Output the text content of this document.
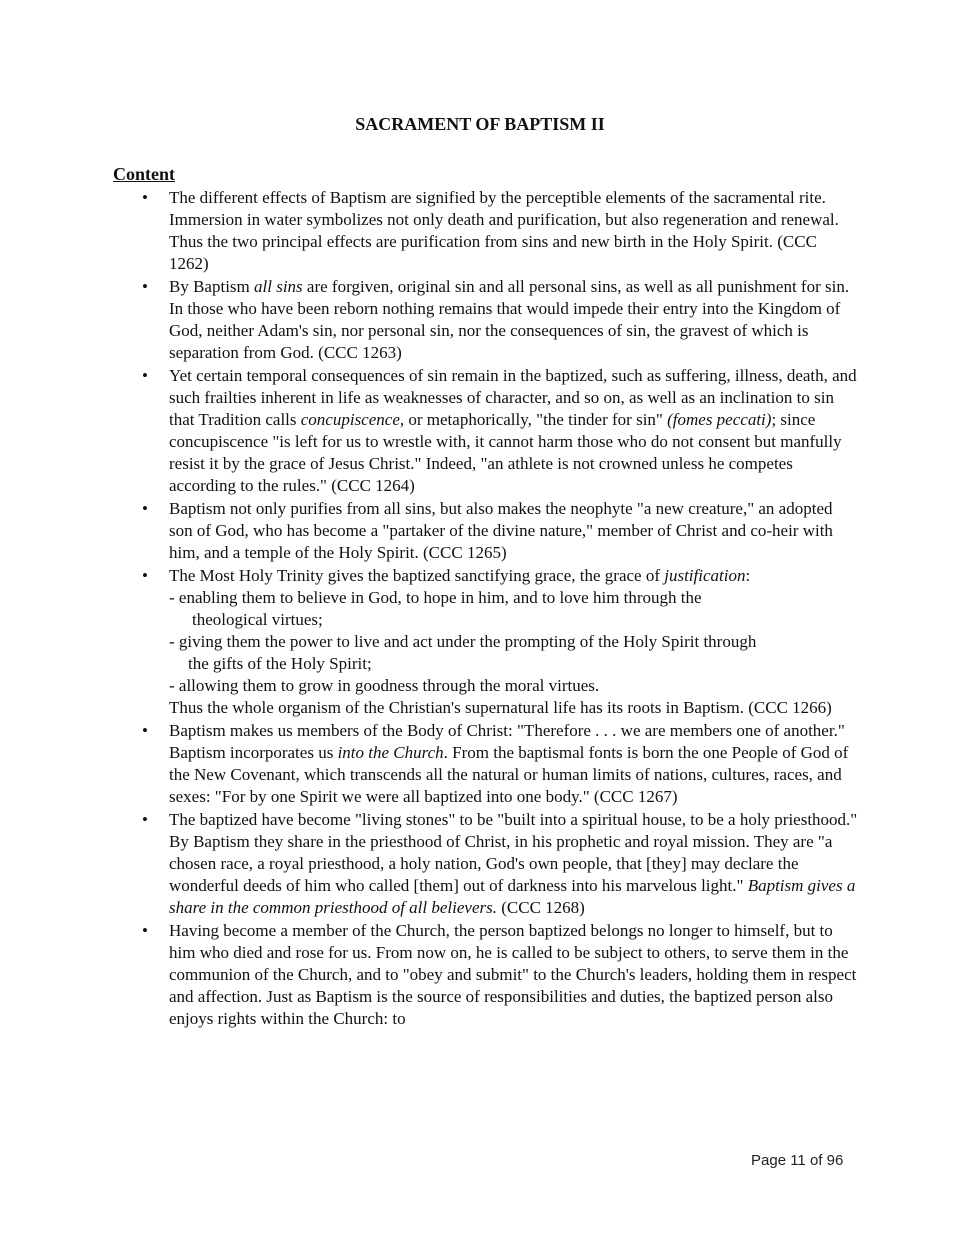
SACRAMENT OF BAPTISM II
Content
• The different effects of Baptism are signified by the perceptible elements of the sacramental rite. Immersion in water symbolizes not only death and purification, but also regeneration and renewal. Thus the two principal effects are purification from sins and new birth in the Holy Spirit. (CCC 1262)
• By Baptism all sins are forgiven, original sin and all personal sins, as well as all punishment for sin. In those who have been reborn nothing remains that would impede their entry into the Kingdom of God, neither Adam's sin, nor personal sin, nor the consequences of sin, the gravest of which is separation from God. (CCC 1263)
• Yet certain temporal consequences of sin remain in the baptized, such as suffering, illness, death, and such frailties inherent in life as weaknesses of character, and so on, as well as an inclination to sin that Tradition calls concupiscence, or metaphorically, "the tinder for sin" (fomes peccati); since concupiscence "is left for us to wrestle with, it cannot harm those who do not consent but manfully resist it by the grace of Jesus Christ." Indeed, "an athlete is not crowned unless he competes according to the rules." (CCC 1264)
• Baptism not only purifies from all sins, but also makes the neophyte "a new creature," an adopted son of God, who has become a "partaker of the divine nature," member of Christ and co-heir with him, and a temple of the Holy Spirit. (CCC 1265)
• The Most Holy Trinity gives the baptized sanctifying grace, the grace of justification:
- enabling them to believe in God, to hope in him, and to love him through the
theological virtues;
- giving them the power to live and act under the prompting of the Holy Spirit through
the gifts of the Holy Spirit;
- allowing them to grow in goodness through the moral virtues.
Thus the whole organism of the Christian's supernatural life has its roots in Baptism. (CCC 1266)
• Baptism makes us members of the Body of Christ: "Therefore . . . we are members one of another." Baptism incorporates us into the Church. From the baptismal fonts is born the one People of God of the New Covenant, which transcends all the natural or human limits of nations, cultures, races, and sexes: "For by one Spirit we were all baptized into one body." (CCC 1267)
• The baptized have become "living stones" to be "built into a spiritual house, to be a holy priesthood." By Baptism they share in the priesthood of Christ, in his prophetic and royal mission. They are "a chosen race, a royal priesthood, a holy nation, God's own people, that [they] may declare the wonderful deeds of him who called [them] out of darkness into his marvelous light." Baptism gives a share in the common priesthood of all believers. (CCC 1268)
• Having become a member of the Church, the person baptized belongs no longer to himself, but to him who died and rose for us. From now on, he is called to be subject to others, to serve them in the communion of the Church, and to "obey and submit" to the Church's leaders, holding them in respect and affection. Just as Baptism is the source of responsibilities and duties, the baptized person also enjoys rights within the Church: to
Page 11 of 96
